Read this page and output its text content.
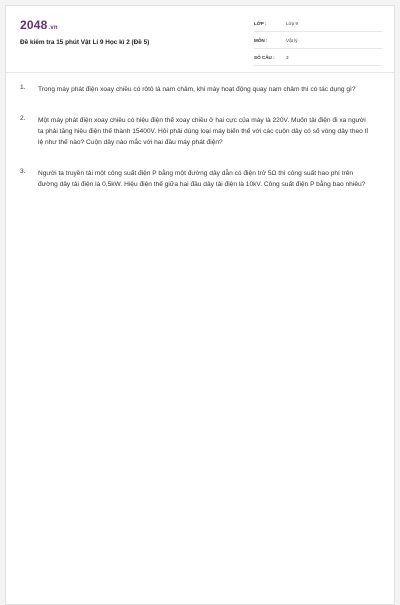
2048.vn
Đề kiểm tra 15 phút Vật Lí 9 Học kì 2 (Đề 5)
LỚP :	Lớp 9
MÔN :	Vật lý
SỐ CÂU : 3
1. Trong máy phát điện xoay chiều có rôtô là nam châm, khi máy hoạt động quay nam châm thì có tác dụng gì?
2. Một máy phát điện xoay chiều có hiệu điện thế xoay chiều ở hai cực của máy là 220V. Muốn tải điện đi xa người ta phải tăng hiệu điện thế thành 15400V. Hỏi phải dùng loại máy biến thế với các cuộn dây có số vòng dây theo tỉ lệ như thế nào? Cuộn dây nào mắc với hai đầu máy phát điện?
3. Người ta truyền tải một công suất điện P bằng một đường dây dẫn có điện trở 5Ω thì công suất hao phí trên đường dây tải điện là 0,5kW. Hiệu điện thế giữa hai đầu dây tải điện là 10kV. Công suất điện P bằng bao nhiêu?
